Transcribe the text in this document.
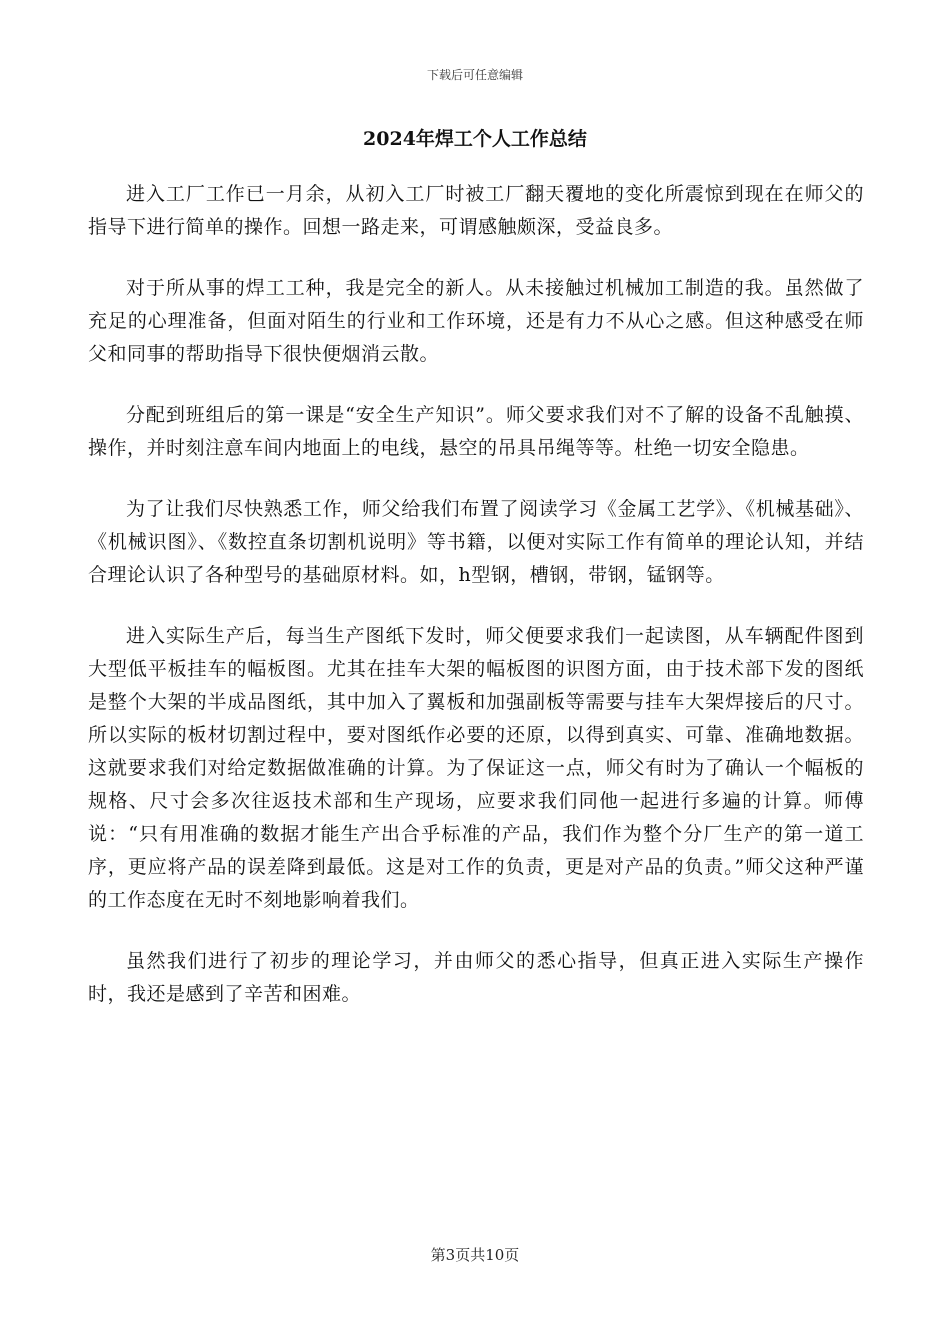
下载后可任意编辑
2024年焊工个人工作总结

进入工厂工作已一月余，从初入工厂时被工厂翻天覆地的变化所震惊到现在在师父的指导下进行简单的操作。回想一路走来，可谓感触颇深，受益良多。

对于所从事的焊工工种，我是完全的新人。从未接触过机械加工制造的我。虽然做了充足的心理准备，但面对陌生的行业和工作环境，还是有力不从心之感。但这种感受在师父和同事的帮助指导下很快便烟消云散。

分配到班组后的第一课是“安全生产知识”。师父要求我们对不了解的设备不乱触摸、操作，并时刻注意车间内地面上的电线，悬空的吊具吊绳等等。杜绝一切安全隐患。

为了让我们尽快熟悉工作，师父给我们布置了阅读学习《金属工艺学》、《机械基础》、《机械识图》、《数控直条切割机说明》等书籍，以便对实际工作有简单的理论认知，并结合理论认识了各种型号的基础原材料。如，h型钢，槽钢，带钢，锰钢等。

进入实际生产后，每当生产图纸下发时，师父便要求我们一起读图，从车辆配件图到大型低平板挂车的幅板图。尤其在挂车大架的幅板图的识图方面，由于技术部下发的图纸是整个大架的半成品图纸，其中加入了翼板和加强副板等需要与挂车大架焊接后的尺寸。所以实际的板材切割过程中，要对图纸作必要的还原，以得到真实、可靠、准确地数据。这就要求我们对给定数据做准确的计算。为了保证这一点，师父有时为了确认一个幅板的规格、尺寸会多次往返技术部和生产现场，应要求我们同他一起进行多遍的计算。师傅说：“只有用准确的数据才能生产出合乎标准的产品，我们作为整个分厂生产的第一道工序，更应将产品的误差降到最低。这是对工作的负责，更是对产品的负责。”师父这种严谨的工作态度在无时不刻地影响着我们。

虽然我们进行了初步的理论学习，并由师父的悉心指导，但真正进入实际生产操作时，我还是感到了辛苦和困难。

第3页共10页
